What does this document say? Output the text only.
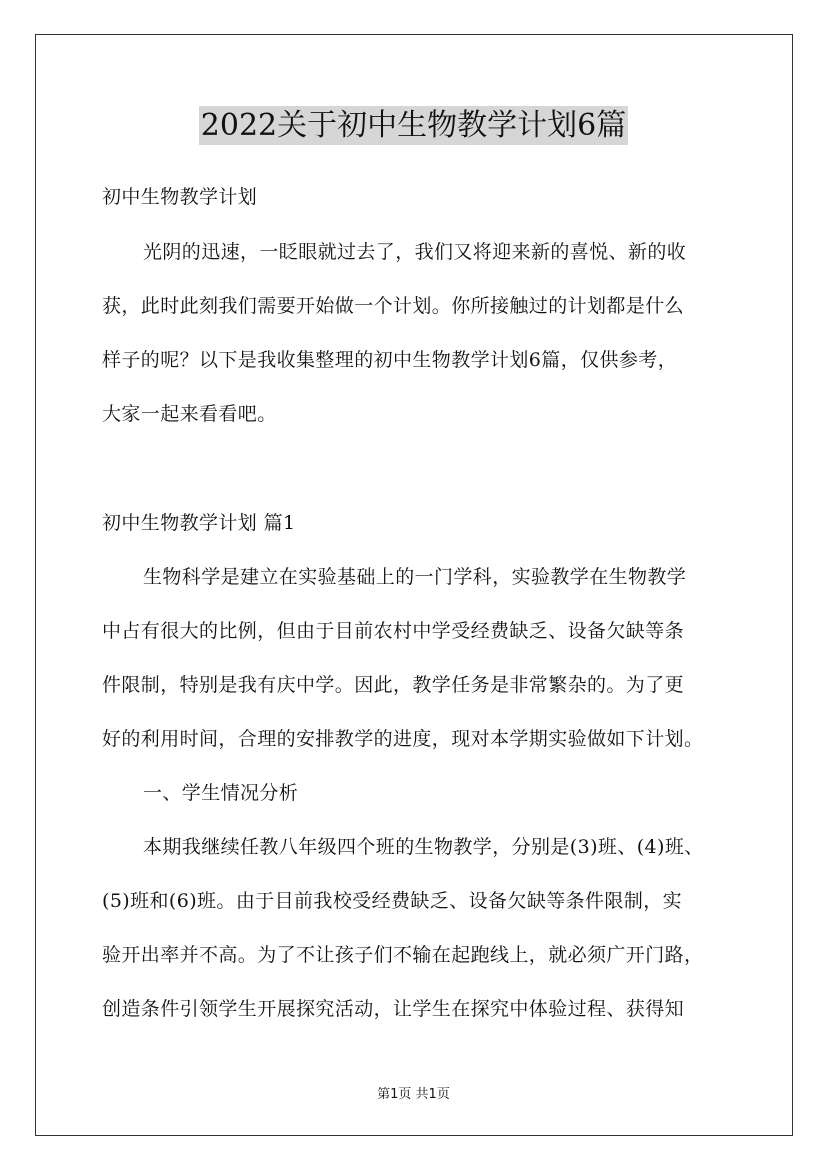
2022关于初中生物教学计划6篇
初中生物教学计划
光阴的迅速，一眨眼就过去了，我们又将迎来新的喜悦、新的收
获，此时此刻我们需要开始做一个计划。你所接触过的计划都是什么
样子的呢？以下是我收集整理的初中生物教学计划6篇，仅供参考，
大家一起来看看吧。
初中生物教学计划 篇1
生物科学是建立在实验基础上的一门学科，实验教学在生物教学
中占有很大的比例，但由于目前农村中学受经费缺乏、设备欠缺等条
件限制，特别是我有庆中学。因此，教学任务是非常繁杂的。为了更
好的利用时间，合理的安排教学的进度，现对本学期实验做如下计划。
一、学生情况分析
本期我继续任教八年级四个班的生物教学，分别是(3)班、(4)班、
(5)班和(6)班。由于目前我校受经费缺乏、设备欠缺等条件限制，实
验开出率并不高。为了不让孩子们不输在起跑线上，就必须广开门路，
创造条件引领学生开展探究活动，让学生在探究中体验过程、获得知
第1页 共1页
